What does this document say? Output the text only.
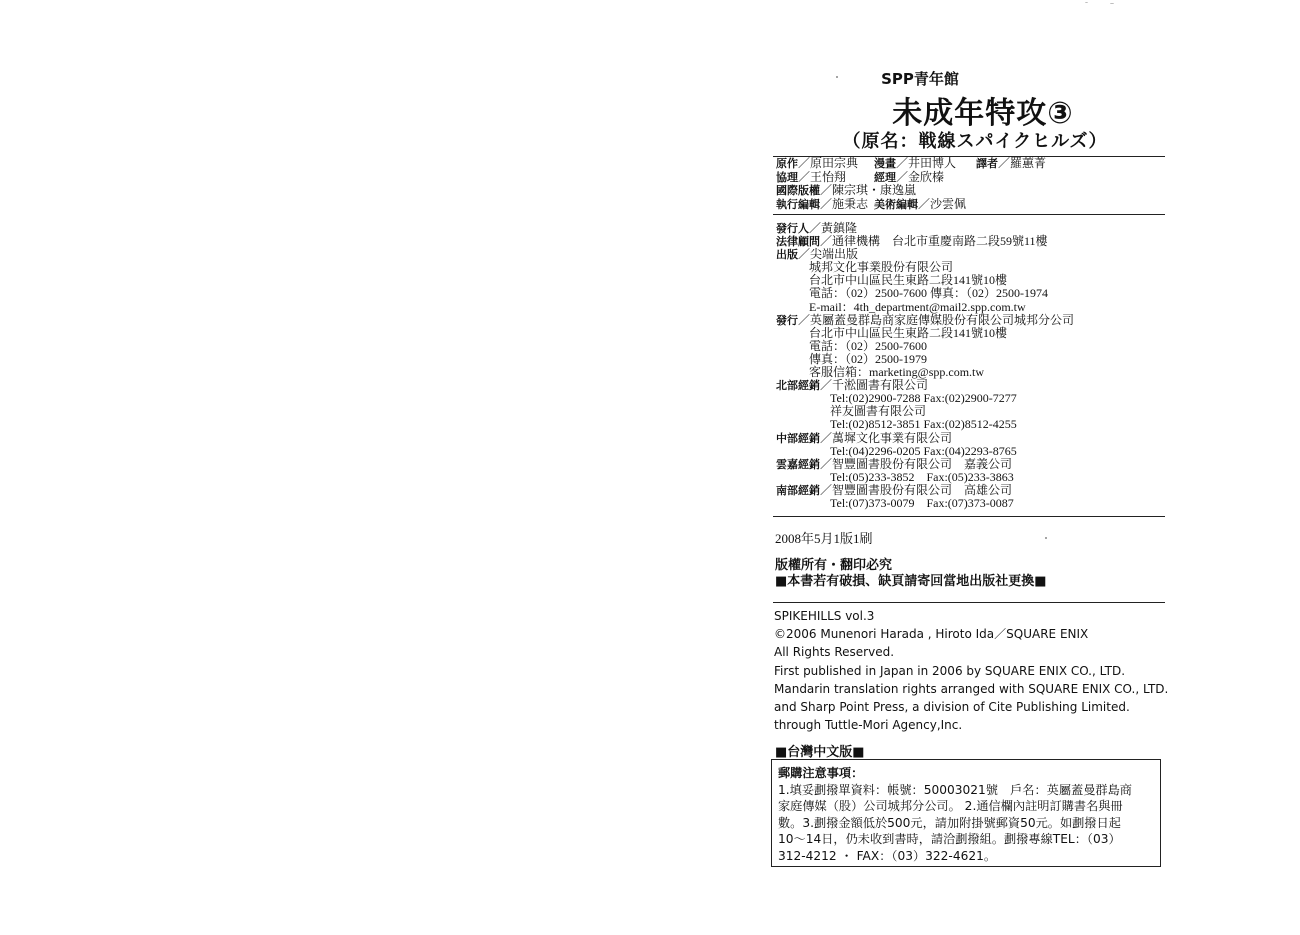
SPP青年館
未成年特攻③
（原名：戦線スパイクヒルズ）
原作／原田宗典 漫畫／井田博人 譯者／羅蕙菁
協理／王怡翔	經理／金欣榛
國際版權／陳宗琪・康逸嵐
執行編輯／施秉志 美術編輯／沙雲佩
發行人／黃鎮隆
法律顧問／通律機構　台北市重慶南路二段59號11樓
出版／尖端出版
城邦文化事業股份有限公司
台北市中山區民生東路二段141號10樓
電話：（02）2500-7600 傳真：（02）2500-1974
E-mail：4th_department@mail2.spp.com.tw
發行／英屬蓋曼群島商家庭傳媒股份有限公司城邦分公司
台北市中山區民生東路二段141號10樓
電話：（02）2500-7600
傳真：（02）2500-1979
客服信箱：marketing@spp.com.tw
北部經銷／千淞圖書有限公司
Tel:(02)2900-7288 Fax:(02)2900-7277
祥友圖書有限公司
Tel:(02)8512-3851 Fax:(02)8512-4255
中部經銷／萬墀文化事業有限公司
Tel:(04)2296-0205 Fax:(04)2293-8765
雲嘉經銷／智豐圖書股份有限公司　嘉義公司
Tel:(05)233-3852　Fax:(05)233-3863
南部經銷／智豐圖書股份有限公司　高雄公司
Tel:(07)373-0079　Fax:(07)373-0087
2008年5月1版1刷
版權所有・翻印必究
■本書若有破損、缺頁請寄回當地出版社更換■
SPIKEHILLS vol.3
©2006 Munenori Harada , Hiroto Ida／SQUARE ENIX
All Rights Reserved.
First published in Japan in 2006 by SQUARE ENIX CO., LTD.
Mandarin translation rights arranged with SQUARE ENIX CO., LTD.
and Sharp Point Press, a division of Cite Publishing Limited.
through Tuttle-Mori Agency,Inc.
■台灣中文版■
郵購注意事項：
1.填妥劃撥單資料：帳號：50003021號　戶名：英屬蓋曼群島商
家庭傳媒（股）公司城邦分公司。 2.通信欄內註明訂購書名與冊
數。3.劃撥金額低於500元，請加附掛號郵資50元。如劃撥日起
10～14日，仍未收到書時，請洽劃撥組。劃撥專線TEL：（03）
312-4212 ・ FAX：（03）322-4621。
